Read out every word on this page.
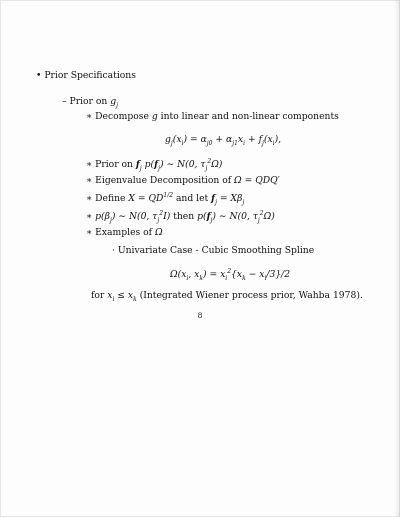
• Prior Specifications
– Prior on $g_j$
∗ Decompose g into linear and non-linear components
$g_j(x_i) = \alpha_{j0} + \alpha_{j1}x_i + f_j(x_i)$,
∗ Prior on $f_j$ $p(f_j)$ ∼ N(0, $\tau_j^2\Omega$)
∗ Eigenvalue Decomposition of Ω = QDQ′
∗ Define $X = QD^{1/2}$ and let $f_j = X\beta_j$
∗ $p(\beta_j)$ ∼ N(0, $\tau_j^2I$) then $p(f_j)$ ∼ N(0, $\tau_j^2\Omega$)
∗ Examples of Ω
· Univariate Case - Cubic Smoothing Spline
$\Omega(x_i$, $x_k) = x_i^2\{x_k - x_i/3\}/2$
for $x_i \le x_k$ (Integrated Wiener process prior, Wahba 1978).
8
